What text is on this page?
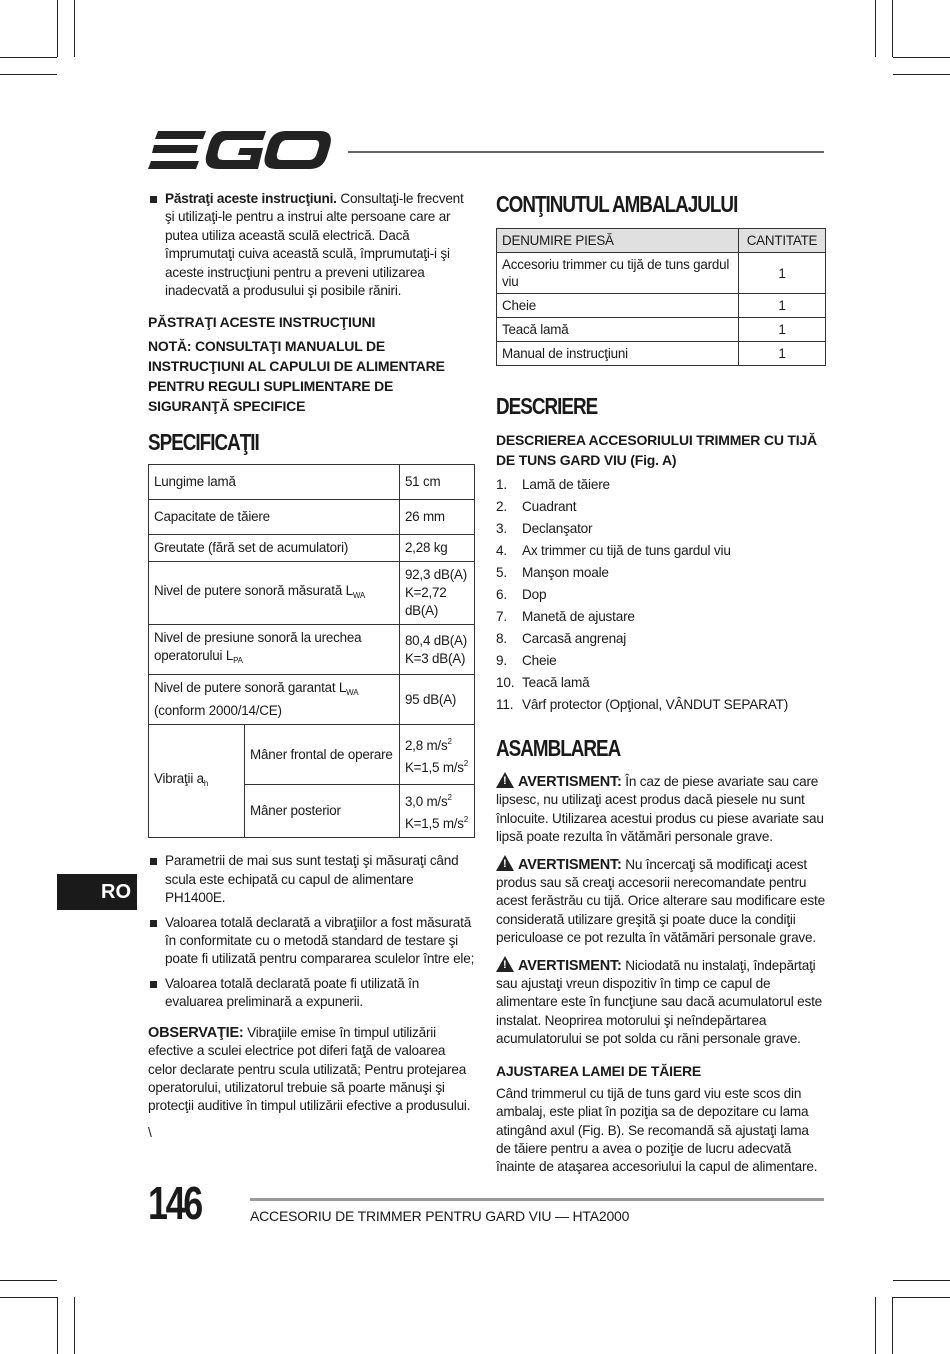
Păstraţi aceste instrucţiuni. Consultaţi-le frecvent şi utilizaţi-le pentru a instrui alte persoane care ar putea utiliza această sculă electrică. Dacă împrumutaţi cuiva această sculă, împrumutaţi-i şi aceste instrucţiuni pentru a preveni utilizarea inadecvată a produsului şi posibile răniri.
PĂSTRAŢI ACESTE INSTRUCŢIUNI
NOTĂ: CONSULTAŢI MANUALUL DE INSTRUCŢIUNI AL CAPULUI DE ALIMENTARE PENTRU REGULI SUPLIMENTARE DE SIGURANŢĂ SPECIFICE
SPECIFICAŢII
Lungime lamă		51 cm
Capacitate de tăiere		26 mm
Greutate (fără set de acumulatori)		2,28 kg
Nivel de putere sonoră măsurată $L_{WA}$		92,3 dB(A)
K=2,72 dB(A)
Nivel de presiune sonoră la urechea operatorului $L_{PA}$		80,4 dB(A)
K=3 dB(A)
Nivel de putere sonoră garantat $L_{WA}$
(conform 2000/14/CE)		95 dB(A)
Vibraţii $a_h$	Mâner frontal de operare	2,8 $m/s^2$
K=1,5 $m/s^2$
	Mâner posterior	3,0 $m/s^2$
K=1,5 $m/s^2$
Parametrii de mai sus sunt testaţi şi măsuraţi când scula este echipată cu capul de alimentare PH1400E.
Valoarea totală declarată a vibraţiilor a fost măsurată în conformitate cu o metodă standard de testare şi poate fi utilizată pentru compararea sculelor între ele;
Valoarea totală declarată poate fi utilizată în evaluarea preliminară a expunerii.

OBSERVAŢIE: Vibraţiile emise în timpul utilizării efective a sculei electrice pot diferi faţă de valoarea celor declarate pentru scula utilizată; Pentru protejarea operatorului, utilizatorul trebuie să poarte mănuşi şi protecţii auditive în timpul utilizării efective a produsului.

\
RO
CONŢINUTUL AMBALAJULUI
DENUMIRE PIESĂ	CANTITATE
Accesoriu trimmer cu tijă de tuns gardul viu	1
Cheie	1
Teacă lamă	1
Manual de instrucţiuni	1
DESCRIERE
DESCRIEREA ACCESORIULUI TRIMMER CU TIJĂ DE TUNS GARD VIU (Fig. A)
1.	Lamă de tăiere
2.	Cuadrant
3.	Declanşator
4.	Ax trimmer cu tijă de tuns gardul viu
5.	Manşon moale
6.	Dop
7.	Manetă de ajustare
8.	Carcasă angrenaj
9.	Cheie
10. Teacă lamă
11. Vârf protector (Opţional, VÂNDUT SEPARAT)
ASAMBLAREA

!AVERTISMENT: În caz de piese avariate sau care lipsesc, nu utilizaţi acest produs dacă piesele nu sunt înlocuite. Utilizarea acestui produs cu piese avariate sau lipsă poate rezulta în vătămări personale grave.

!AVERTISMENT: Nu încercaţi să modificaţi acest produs sau să creaţi accesorii nerecomandate pentru acest ferăstrău cu tijă. Orice alterare sau modificare este considerată utilizare greşită şi poate duce la condiţii periculoase ce pot rezulta în vătămări personale grave.

!AVERTISMENT: Niciodată nu instalaţi, îndepărtaţi sau ajustaţi vreun dispozitiv în timp ce capul de alimentare este în funcţiune sau dacă acumulatorul este instalat. Neoprirea motorului şi neîndepărtarea acumulatorului se pot solda cu răni personale grave.

AJUSTAREA LAMEI DE TĂIERE

Când trimmerul cu tijă de tuns gard viu este scos din ambalaj, este pliat în poziţia sa de depozitare cu lama atingând axul (Fig. B). Se recomandă să ajustaţi lama de tăiere pentru a avea o poziţie de lucru adecvată înainte de ataşarea accesoriului la capul de alimentare.

146	ACCESORIU DE TRIMMER PENTRU GARD VIU — HTA2000
